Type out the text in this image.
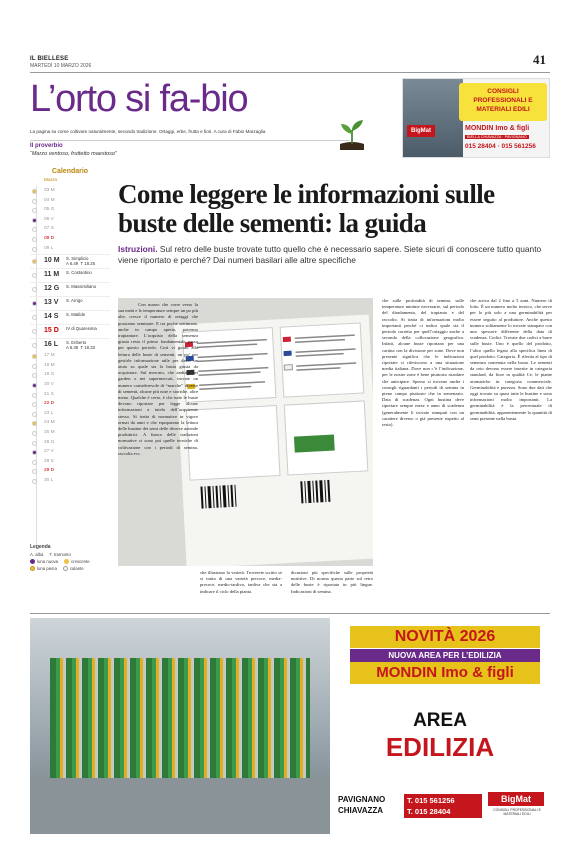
IL BIELLESE
MARTEDÌ 10 MARZO 2026	41
L’orto si fa-bio
La pagina su come coltivare naturalmente, secondo tradizione. Ortaggi, erbe, frutta e fiori. A cura di Fabio Marzaglia
Il proverbio
“Marzo ventoso, fruttetto maestoso”
CONSIGLI
PROFESSIONALI E
MATERIALI EDILI
BigMat	MONDIN Imo & figli
BIELLA CHIAVAZZA · PAVIGNANO
015 28404 · 015 561256
Calendario
Marzo
03 M
04 M
05 G
06 V
07 S
08 D
09 L
10 M S. Simplicio
A 6.49  T 18.25
11 M S. Costantino
12 G S. Massimiliano
13 V S. Arrigo
14 S S. Matilde
15 D IV di Quaresima
16 L S. Eriberto
A 6.38  T 18.33
17 M
18 M
19 G
20 V
21 S
22 D
23 L
24 M
25 M
26 G
27 V
28 S
29 D
30 L
Legenda
A. alba T. tramonto
luna nuova	crescente
luna piena	calante
Come leggere le informazioni sulle buste delle sementi: la guida
Istruzioni. Sul retro delle buste trovate tutto quello che è necessario sapere. Siete sicuri di conoscere tutto quanto viene riportato e perché? Dai numeri basilari alle altre specifiche
Con marzo che corre verso la sua metà e le temperature sempre un po più alte, cresce il numero di ortaggi che possiamo seminare. E tra poche settimane, anche in campo aperto, potremo trapiantare. L’acquisto della semenza giusta resta il primo fondamentale passo per questo periodo. Così vi guido alla lettura delle buste di sementi, un po’ per gestirle informazione utile per darvi un aiuto su quale sia la busta giusta da acquistare. Sul mercato, che andiate nei garden o nei supermercati, trovate un numero considerevole di “marche” diverse di sementi, alcune più note e storiche, altre meno. Qualche è certo, è che tutte le buste devono riportare per legge alcune informazioni a tutela dell’acquirente stesso. Si tratta di normative in vigore ormai da anni e che equiparano la lettura delle bustine dei semi delle diverse aziende produttrici. A fianco delle tradizioni normative ci sono poi quelle tecniche di coltivazione con i periodi di semina, raccolta ecc.
che illustrano la varietà. Troverete scritto se si tratta di una varietà precoce, media-precoce, medio-tardiva, tardiva che sta a indicare il ciclo della pianta.
dicazioni più specifiche sulle proprietà nutritive. Di norma questa parte sul retro delle buste è riportata in più lingue. Indicazioni di semina.
che sulle profondità di semina, sulle temperature minime necessarie, sul periodo del diradamento, del trapianto e del raccolto. Si tratta di informazioni molto importanti perché ci indica quale sia il periodo corretto per quell’ortaggio anche a seconda della collocazione geografica. Infatti, alcune buste riportano per una cartina con la divisione per zone. Dove non presente significa che le indicazioni riportate si riferiscono a una situazione media italiana. Dove non c’è l’indicazione, per le nostre zone è bene piuttosto ritardare che anticipare. Spesso si trovano anche i consigli riguardanti i periodi di semina in pieno campo piuttosto che in semenzaio. Data di scadenza. Ogni bustina deve riportare sempre mese e anno di scadenza (generalmente li trovate stampati con un carattere diverso o già presente rispetto al resto).
che arriva dal 2 fino a 5 anni. Numero di lotto. È un numero molto tecnico, che serve per lo più solo a una germinabilità per essere seguito al produttore. Anche questo numero solitamente lo trovate stampato con uno spessore differente della data di scadenza. Codici. Trovate due codici a barre sulle buste. Uno è quello del prodotto, l’altro quello legato alla specifica linea di quel prodotto. Categoria. È riferita al tipo di semenza contenuta nella busta. Le sementi da orto devono essere inserite in categoria standard, da fiore in qualità Ce, le piante aromatiche in categoria commerciale. Germinabilità e purezza. Sono due dati che oggi trovate su quasi tutte le bustine e sono informazioni molto importanti. La germinabilità è la percentuale di germinabilità, apparentemente la quantità di semi presente nella busta.
NOVITÀ 2026
NUOVA AREA PER L’EDILIZIA
MONDIN Imo & figli
AREA
EDILIZIA
PAVIGNANO
CHIAVAZZA
T. 015 561256
T. 015 28404
BigMat
CONSIGLI PROFESSIONALI E MATERIALI EDILI
